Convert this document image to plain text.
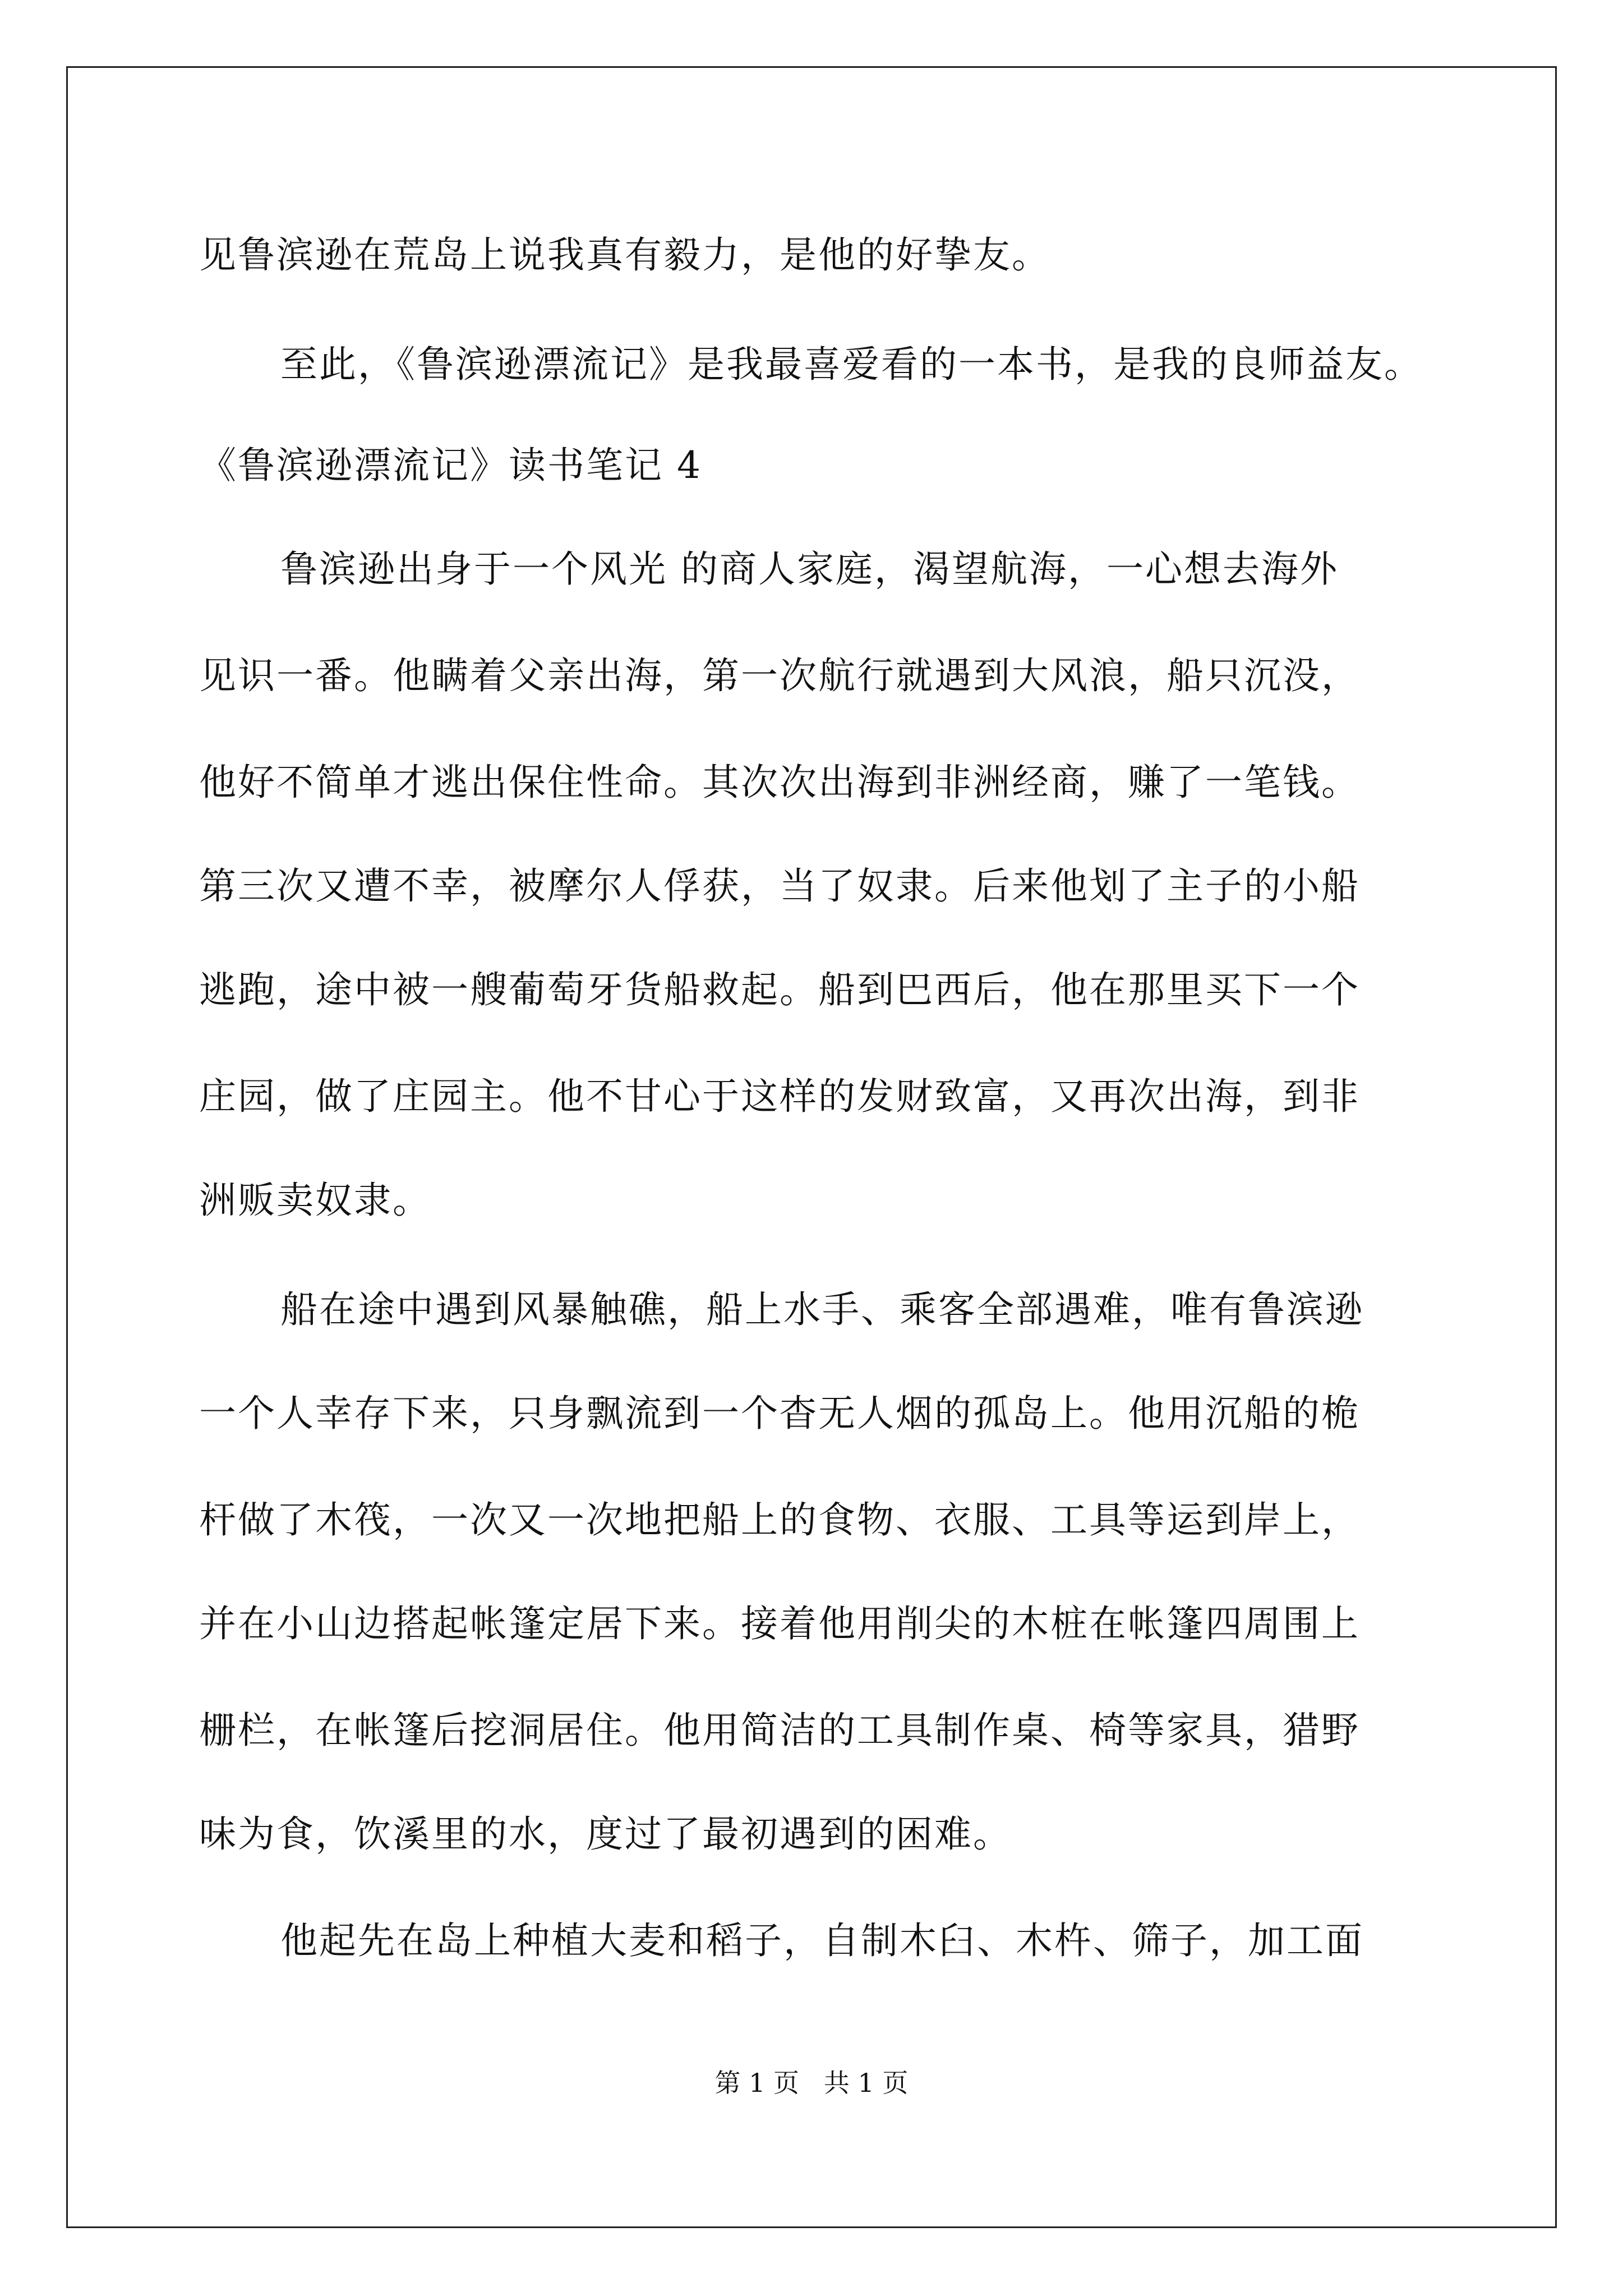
见鲁滨逊在荒岛上说我真有毅力，是他的好挚友。
至此，《鲁滨逊漂流记》是我最喜爱看的一本书，是我的良师益友。
《鲁滨逊漂流记》读书笔记 4
鲁滨逊出身于一个风光 的商人家庭，渴望航海，一心想去海外
见识一番。他瞒着父亲出海，第一次航行就遇到大风浪，船只沉没，
他好不简单才逃出保住性命。其次次出海到非洲经商，赚了一笔钱。
第三次又遭不幸，被摩尔人俘获，当了奴隶。后来他划了主子的小船
逃跑，途中被一艘葡萄牙货船救起。船到巴西后，他在那里买下一个
庄园，做了庄园主。他不甘心于这样的发财致富，又再次出海，到非
洲贩卖奴隶。
船在途中遇到风暴触礁，船上水手、乘客全部遇难，唯有鲁滨逊
一个人幸存下来，只身飘流到一个杳无人烟的孤岛上。他用沉船的桅
杆做了木筏，一次又一次地把船上的食物、衣服、工具等运到岸上，
并在小山边搭起帐篷定居下来。接着他用削尖的木桩在帐篷四周围上
栅栏，在帐篷后挖洞居住。他用简洁的工具制作桌、椅等家具，猎野
味为食，饮溪里的水，度过了最初遇到的困难。
他起先在岛上种植大麦和稻子，自制木臼、木杵、筛子，加工面
第 1 页   共 1 页
